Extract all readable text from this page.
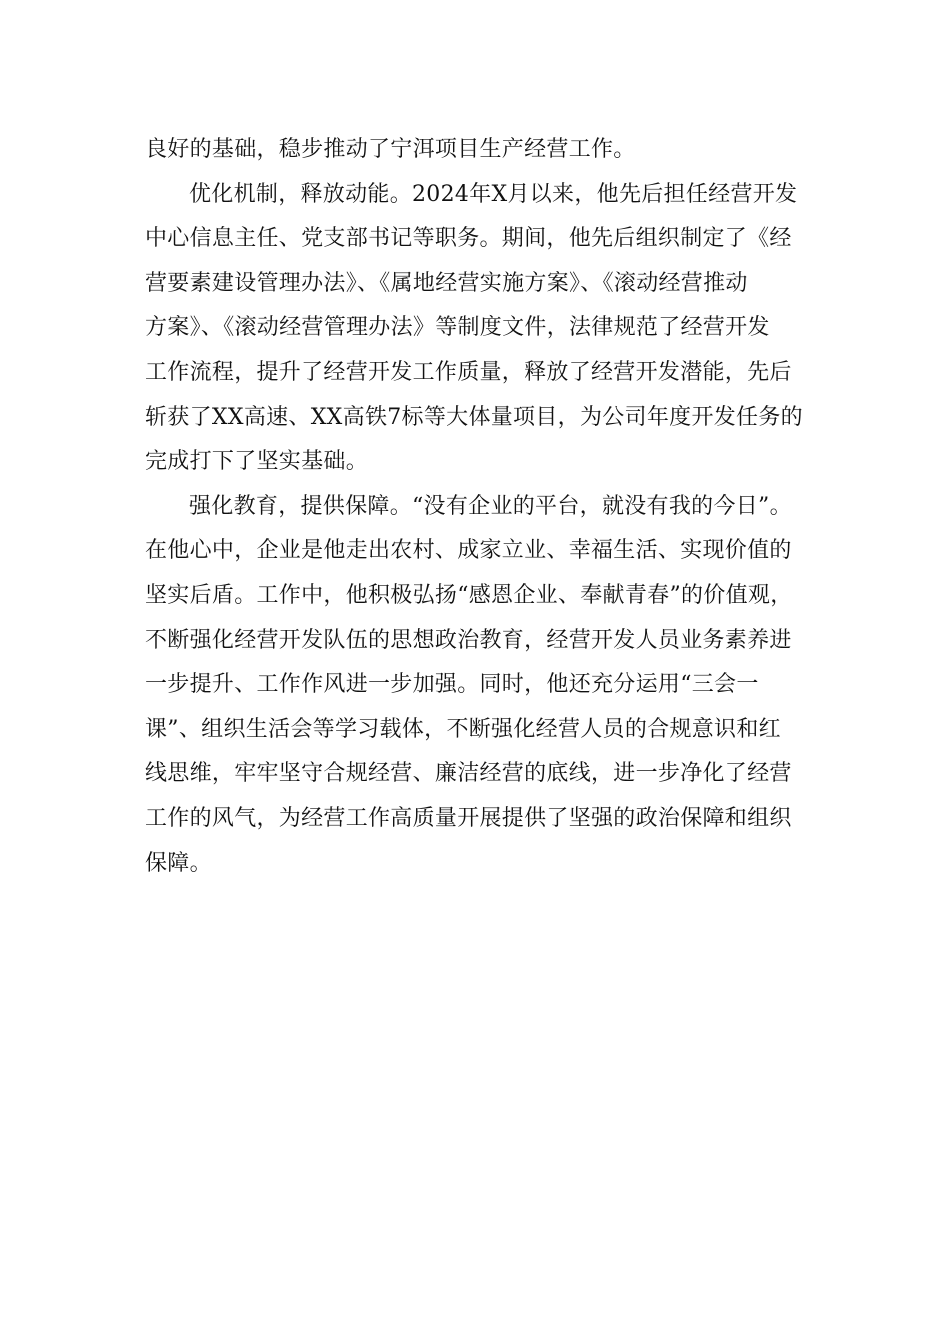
良好的基础，稳步推动了宁洱项目生产经营工作。

优化机制，释放动能。2024年X月以来，他先后担任经营开发
中心信息主任、党支部书记等职务。期间，他先后组织制定了《经
营要素建设管理办法》、《属地经营实施方案》、《滚动经营推动
方案》、《滚动经营管理办法》等制度文件，法律规范了经营开发
工作流程，提升了经营开发工作质量，释放了经营开发潜能，先后
斩获了XX高速、XX高铁7标等大体量项目，为公司年度开发任务的
完成打下了坚实基础。

强化教育，提供保障。“没有企业的平台，就没有我的今日”。
在他心中，企业是他走出农村、成家立业、幸福生活、实现价值的
坚实后盾。工作中，他积极弘扬“感恩企业、奉献青春”的价值观，
不断强化经营开发队伍的思想政治教育，经营开发人员业务素养进
一步提升、工作作风进一步加强。同时，他还充分运用“三会一
课”、组织生活会等学习载体，不断强化经营人员的合规意识和红
线思维，牢牢坚守合规经营、廉洁经营的底线，进一步净化了经营
工作的风气，为经营工作高质量开展提供了坚强的政治保障和组织
保障。
